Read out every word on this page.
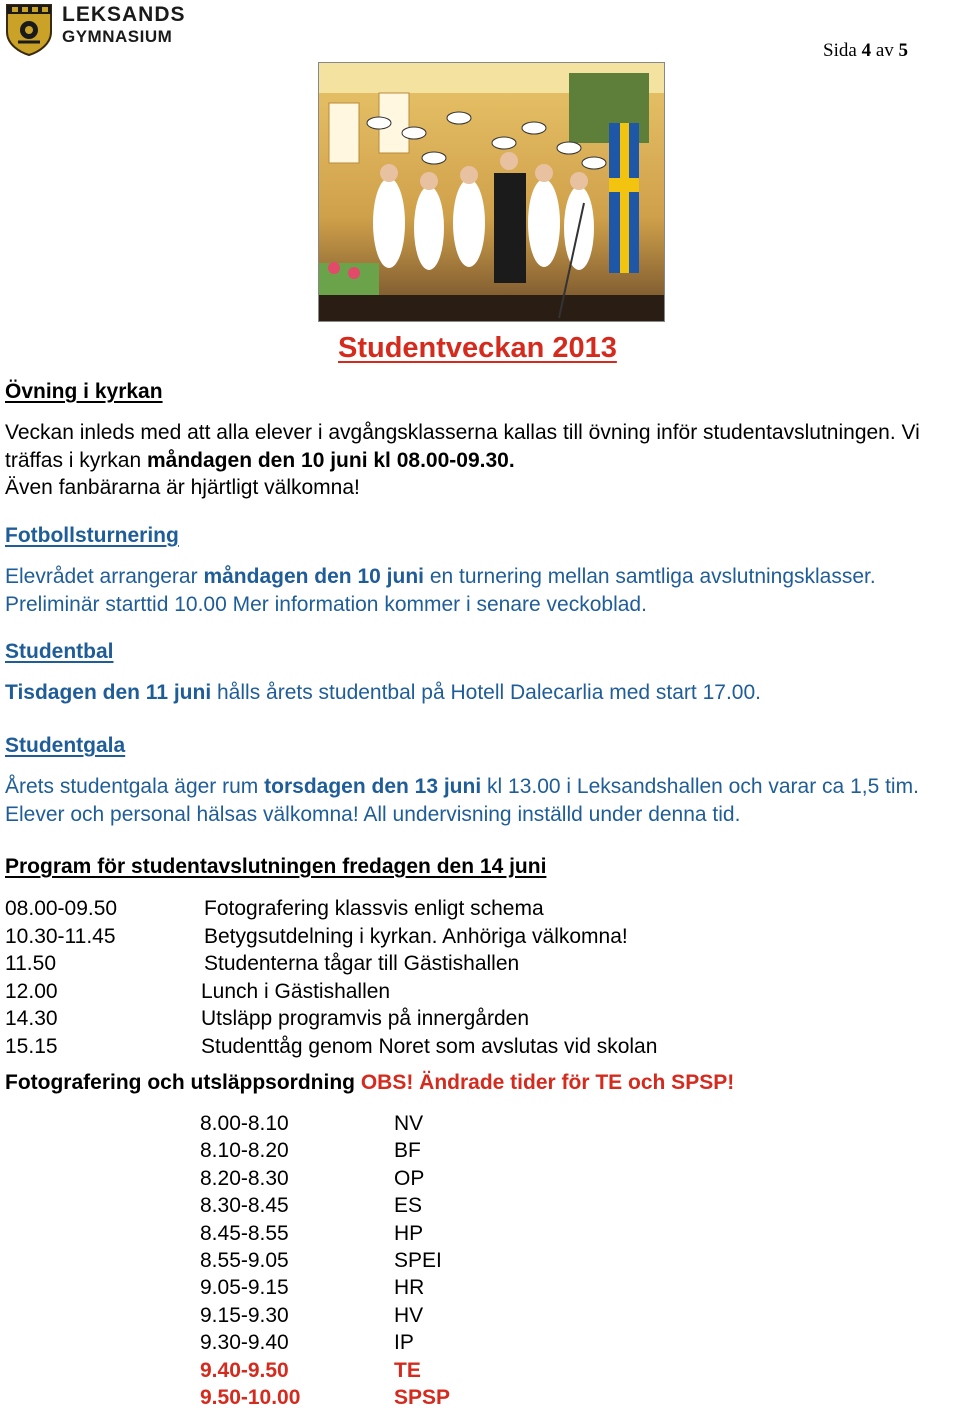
LEKSANDS
GYMNASIUM
Sida 4 av 5
Studentveckan 2013
Övning i kyrkan
Veckan inleds med att alla elever i avgångsklasserna kallas till övning inför studentavslutningen. Vi träffas i kyrkan måndagen den 10 juni kl 08.00-09.30.
Även fanbärarna är hjärtligt välkomna!
Fotbollsturnering
Elevrådet arrangerar måndagen den 10 juni en turnering mellan samtliga avslutningsklasser. Preliminär starttid 10.00 Mer information kommer i senare veckoblad.
Studentbal
Tisdagen den 11 juni hålls årets studentbal på Hotell Dalecarlia med start 17.00.
Studentgala
Årets studentgala äger rum torsdagen den 13 juni kl 13.00 i Leksandshallen och varar ca 1,5 tim. Elever och personal hälsas välkomna! All undervisning inställd under denna tid.
Program för studentavslutningen fredagen den 14 juni
08.00-09.50
10.30-11.45
11.50
12.00
14.30
15.15
Fotografering klassvis enligt schema
Betygsutdelning i kyrkan. Anhöriga välkomna!
Studenterna tågar till Gästishallen
Lunch i Gästishallen
Utsläpp programvis på innergården
Studenttåg genom Noret som avslutas vid skolan
Fotografering och utsläppsordning OBS! Ändrade tider för TE och SPSP!
8.00-8.10
8.10-8.20
8.20-8.30
8.30-8.45
8.45-8.55
8.55-9.05
9.05-9.15
9.15-9.30
9.30-9.40
9.40-9.50
9.50-10.00
NV
BF
OP
ES
HP
SPEI
HR
HV
IP
TE
SPSP
